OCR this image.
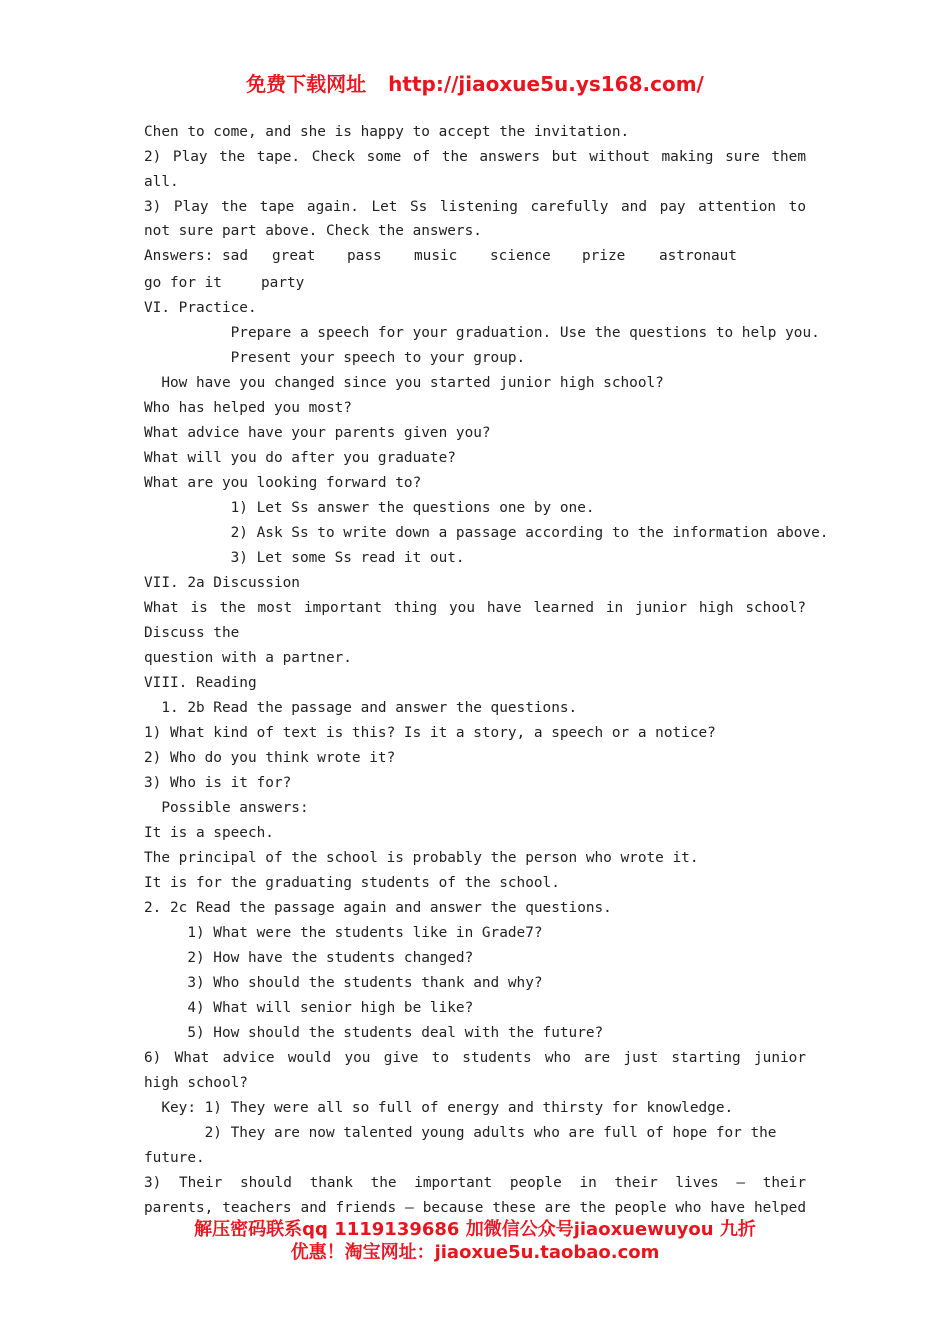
免费下载网址 http://jiaoxue5u.ys168.com/
Chen to come, and she is happy to accept the invitation.
2) Play the tape. Check some of the answers but without making sure them
all.
3) Play the tape again. Let Ss listening carefully and pay attention to
not sure part above. Check the answers.
Answers: sad	great	pass	music	science	prize	astronaut
go for it	party
VI. Practice.
Prepare a speech for your graduation. Use the questions to help you.
Present your speech to your group.
How have you changed since you started junior high school?
Who has helped you most?
What advice have your parents given you?
What will you do after you graduate?
What are you looking forward to?
1) Let Ss answer the questions one by one.
2) Ask Ss to write down a passage according to the information above.
3) Let some Ss read it out.
VII. 2a Discussion
What is the most important thing you have learned in junior high school?
Discuss the
question with a partner.
VIII. Reading
1. 2b Read the passage and answer the questions.
1) What kind of text is this? Is it a story, a speech or a notice?
2) Who do you think wrote it?
3) Who is it for?
Possible answers:
It is a speech.
The principal of the school is probably the person who wrote it.
It is for the graduating students of the school.
2. 2c Read the passage again and answer the questions.
1) What were the students like in Grade7?
2) How have the students changed?
3) Who should the students thank and why?
4) What will senior high be like?
5) How should the students deal with the future?
6) What advice would you give to students who are just starting junior
high school?
Key: 1) They were all so full of energy and thirsty for knowledge.
2) They are now talented young adults who are full of hope for the
future.
3) Their should thank the important people in their lives – their
parents, teachers and friends – because these are the people who have helped
解压密码联系qq 1119139686 加微信公众号jiaoxuewuyou 九折
优惠！淘宝网址：jiaoxue5u.taobao.com
